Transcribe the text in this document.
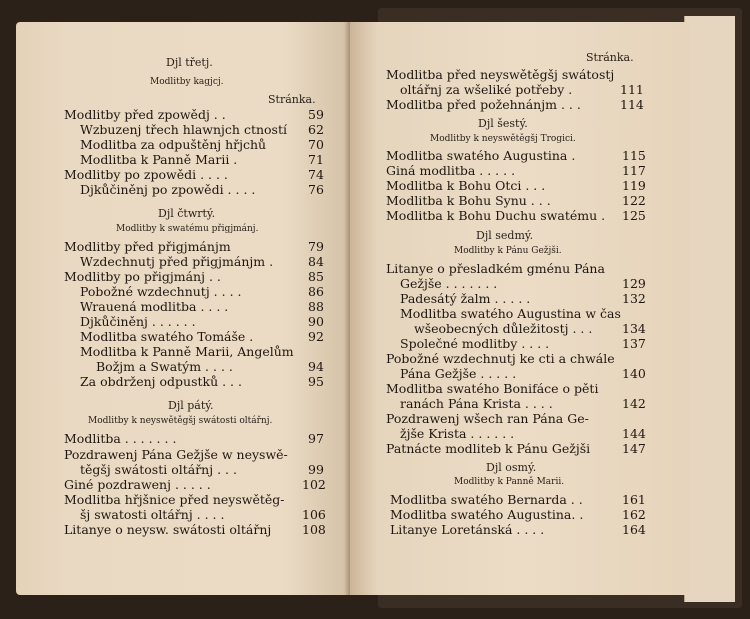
Djl třetj.
Modlitby kagjcj.
Stránka.
Modlitby před zpowědj . .	59
Wzbuzenj třech hlawnjch ctností 62
Modlitba za odpuštěnj hřjchů	70
Modlitba k Panně Marii .	71
Modlitby po zpowědi . . . .	74
Djkůčiněnj po zpowědi . . . .	76
Djl čtwrtý.
Modlitby k swatému přigjmánj.
Modlitby před přigjmánjm	79
Wzdechnutj před přigjmánjm .	84
Modlitby po přigjmánj . .	85
Pobožné wzdechnutj . . . .	86
Wrauená modlitba . . . .	88
Djkůčiněnj . . . . . .	90
Modlitba swatého Tomáše .	92
Modlitba k Panně Marii, Angelům
Božjm a Swatým . . . .	94
Za obdrženj odpustků . . .	95
Djl pátý.
Modlitby k neyswětěgšj swátosti oltářnj.
Modlitba . . . . . . .	97
Pozdrawenj Pána Gežjše w neyswě-
těgšj swátosti oltářnj . . .	99
Giné pozdrawenj . . . . .	102
Modlitba hřjšnice před neyswětěg-
šj swatosti oltářnj . . . .	106
Litanye o neysw. swátosti oltářnj 108
Stránka.
Modlitba před neyswětěgšj swátostj
oltářnj za wšeliké potřeby .	111
Modlitba před požehnánjm . . .	114
Djl šestý.
Modlitby k neyswětěgšj Trogici.
Modlitba swatého Augustina .	115
Giná modlitba . . . . .	117
Modlitba k Bohu Otci . . .	119
Modlitba k Bohu Synu . . .	122
Modlitba k Bohu Duchu swatému . 125
Djl sedmý.
Modlitby k Pánu Gežjši.
Litanye o přesladkém gménu Pána
Gežjše . . . . . . .	129
Padesátý žalm . . . . .	132
Modlitba swatého Augustina w čas
wšeobecných důležitostj . . . 134
Společné modlitby . . . .	137
Pobožné wzdechnutj ke cti a chwále
Pána Gežjše . . . . .	140
Modlitba swatého Bonifáce o pěti
ranách Pána Krista . . . .	142
Pozdrawenj wšech ran Pána Ge-
žjše Krista . . . . . .	144
Patnácte modliteb k Pánu Gežjši	147
Djl osmý.
Modlitby k Panně Marii.
Modlitba swatého Bernarda . .	161
Modlitba swatého Augustina. .	162
Litanye Loretánská . . . .	164
